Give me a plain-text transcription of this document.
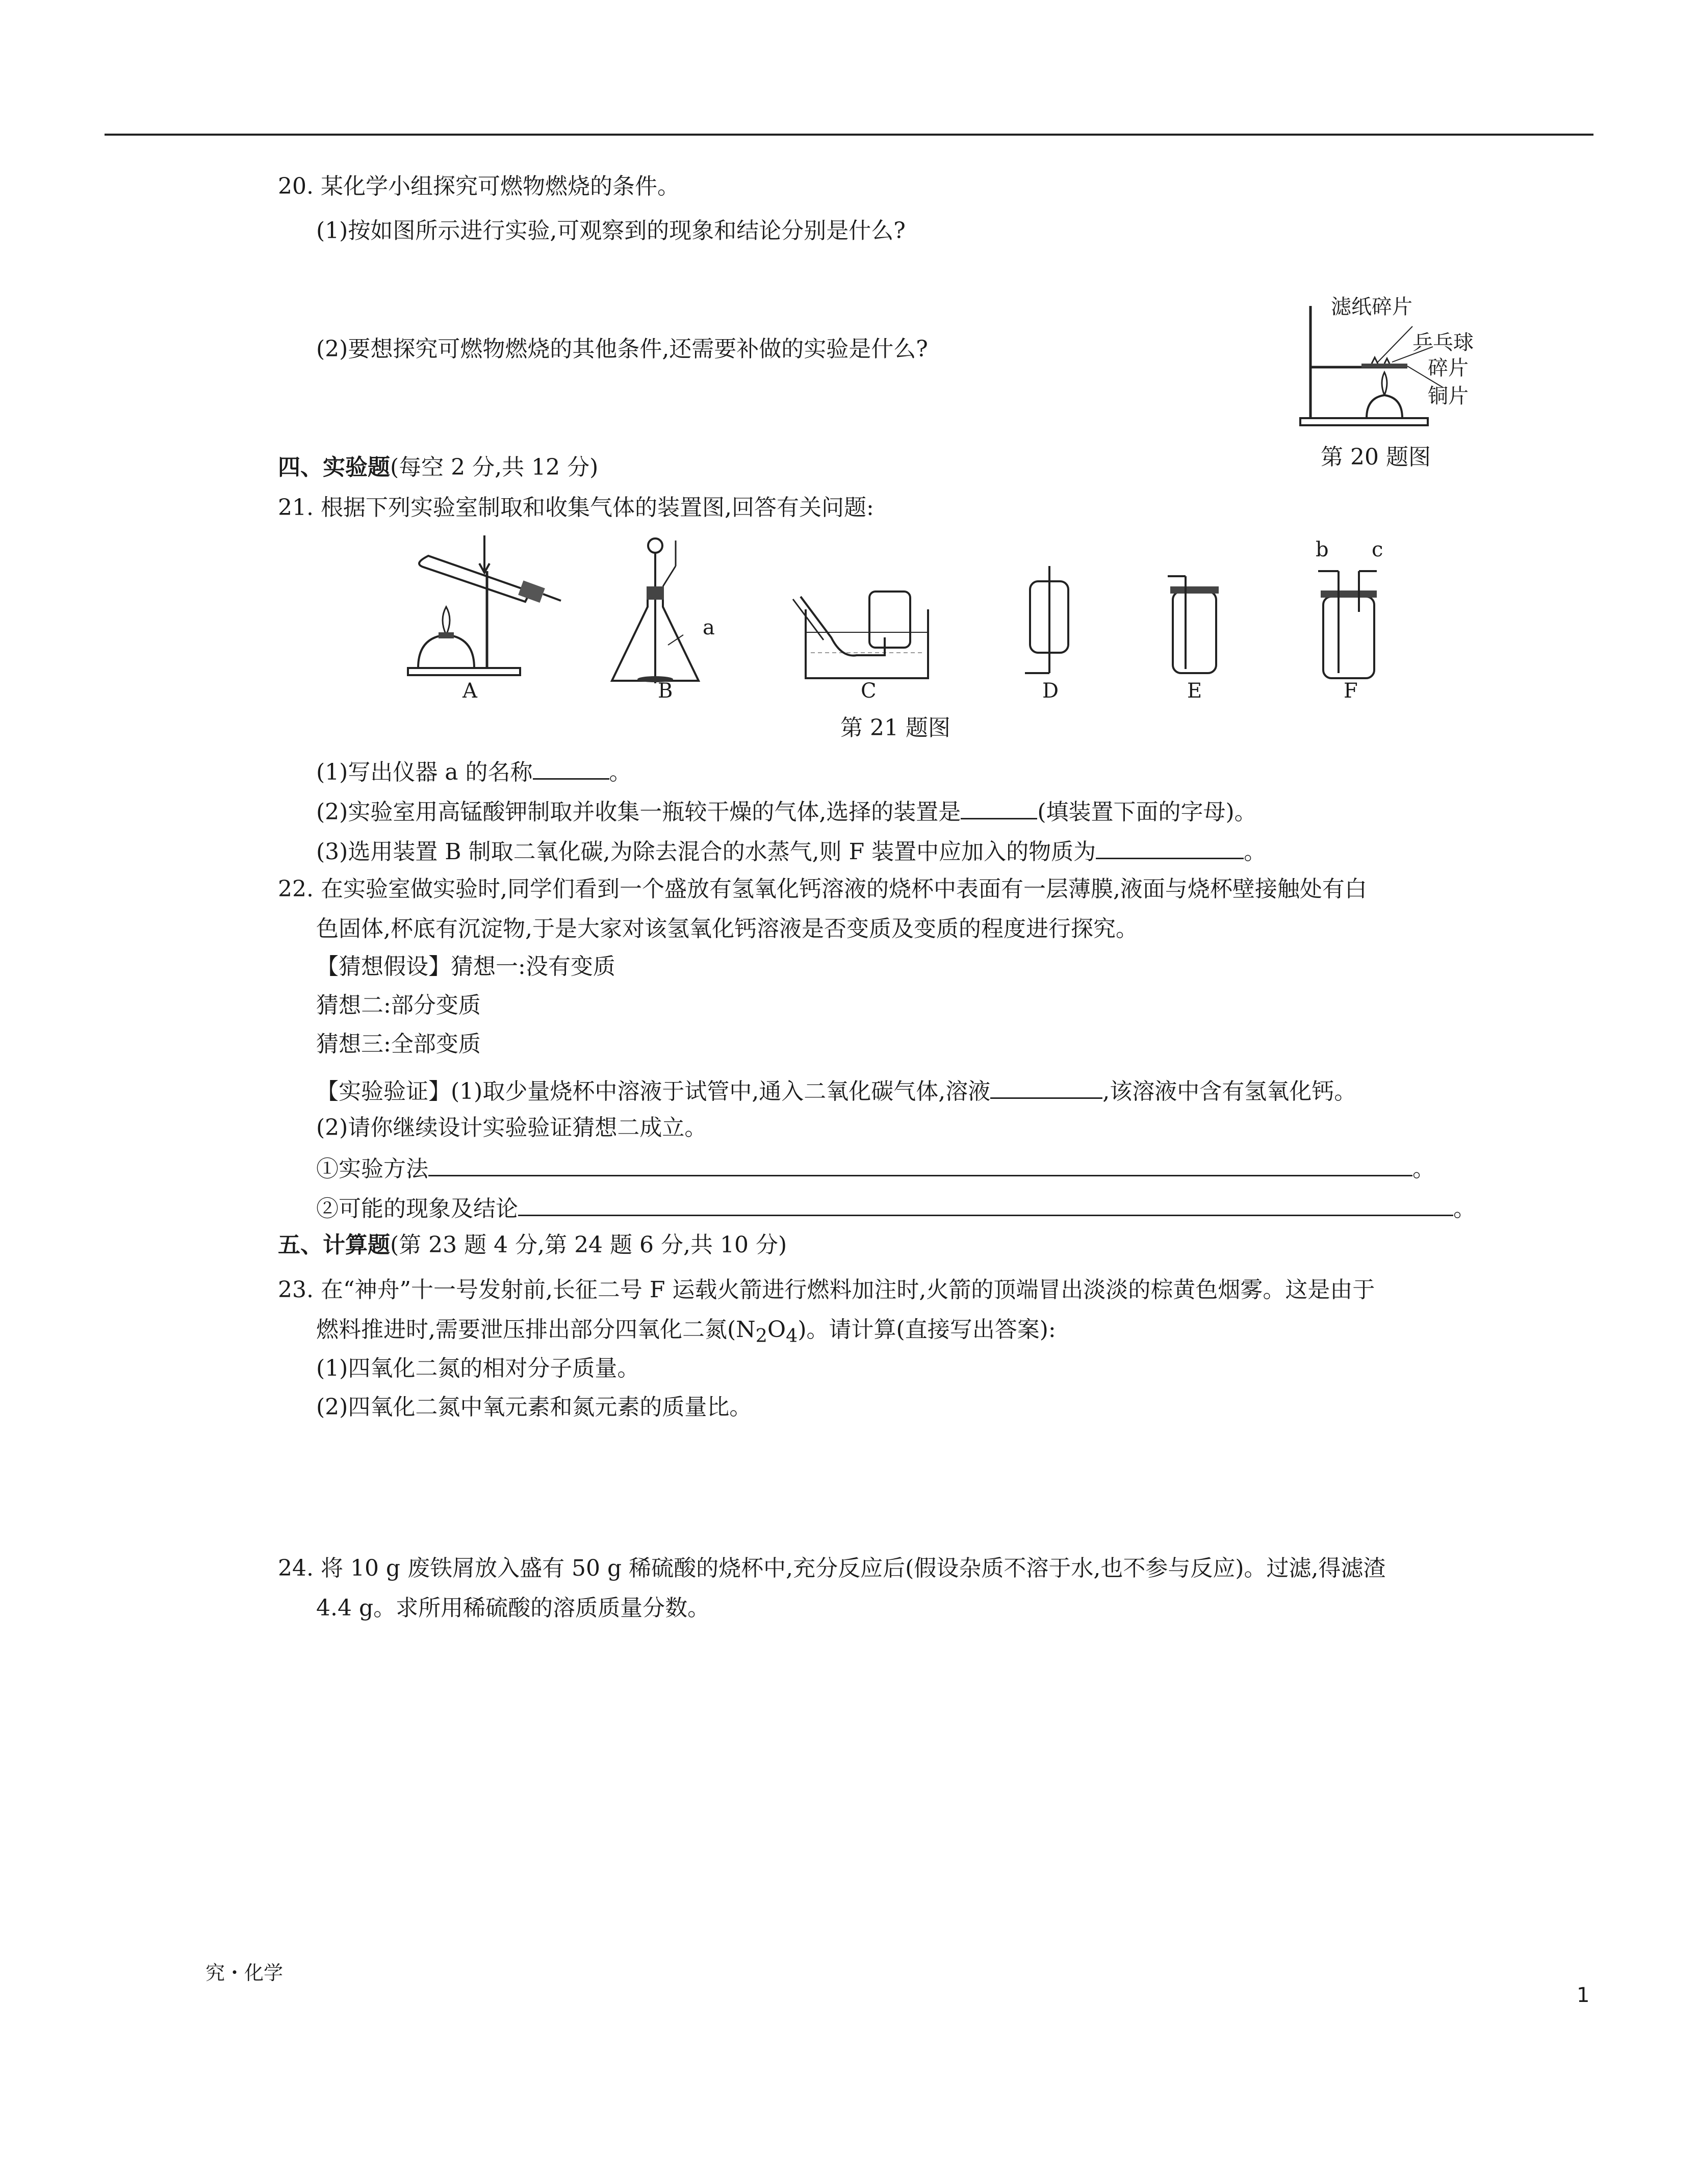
20. 某化学小组探究可燃物燃烧的条件。
(1)按如图所示进行实验,可观察到的现象和结论分别是什么?
(2)要想探究可燃物燃烧的其他条件,还需要补做的实验是什么?
滤纸碎片
乒乓球
碎片
铜片
第 20 题图
四、实验题(每空 2 分,共 12 分)
21. 根据下列实验室制取和收集气体的装置图,回答有关问题:
a
b c
A	B	C	D	E	F
第 21 题图
(1)写出仪器 a 的名称	。
(2)实验室用高锰酸钾制取并收集一瓶较干燥的气体,选择的装置是	(填装置下面的字母)。
(3)选用装置 B 制取二氧化碳,为除去混合的水蒸气,则 F 装置中应加入的物质为	。
22. 在实验室做实验时,同学们看到一个盛放有氢氧化钙溶液的烧杯中表面有一层薄膜,液面与烧杯壁接触处有白
色固体,杯底有沉淀物,于是大家对该氢氧化钙溶液是否变质及变质的程度进行探究。
【猜想假设】猜想一:没有变质
猜想二:部分变质
猜想三:全部变质
【实验验证】(1)取少量烧杯中溶液于试管中,通入二氧化碳气体,溶液	,该溶液中含有氢氧化钙。
(2)请你继续设计实验验证猜想二成立。
①实验方法	。
②可能的现象及结论	。
五、计算题(第 23 题 4 分,第 24 题 6 分,共 10 分)
23. 在“神舟”十一号发射前,长征二号 F 运载火箭进行燃料加注时,火箭的顶端冒出淡淡的棕黄色烟雾。这是由于
燃料推进时,需要泄压排出部分四氧化二氮$(N_2O_4)$。请计算(直接写出答案):
(1)四氧化二氮的相对分子质量。
(2)四氧化二氮中氧元素和氮元素的质量比。
24. 将 10 g 废铁屑放入盛有 50 g 稀硫酸的烧杯中,充分反应后(假设杂质不溶于水,也不参与反应)。过滤,得滤渣
4.4 g。求所用稀硫酸的溶质质量分数。
究・化学
1
